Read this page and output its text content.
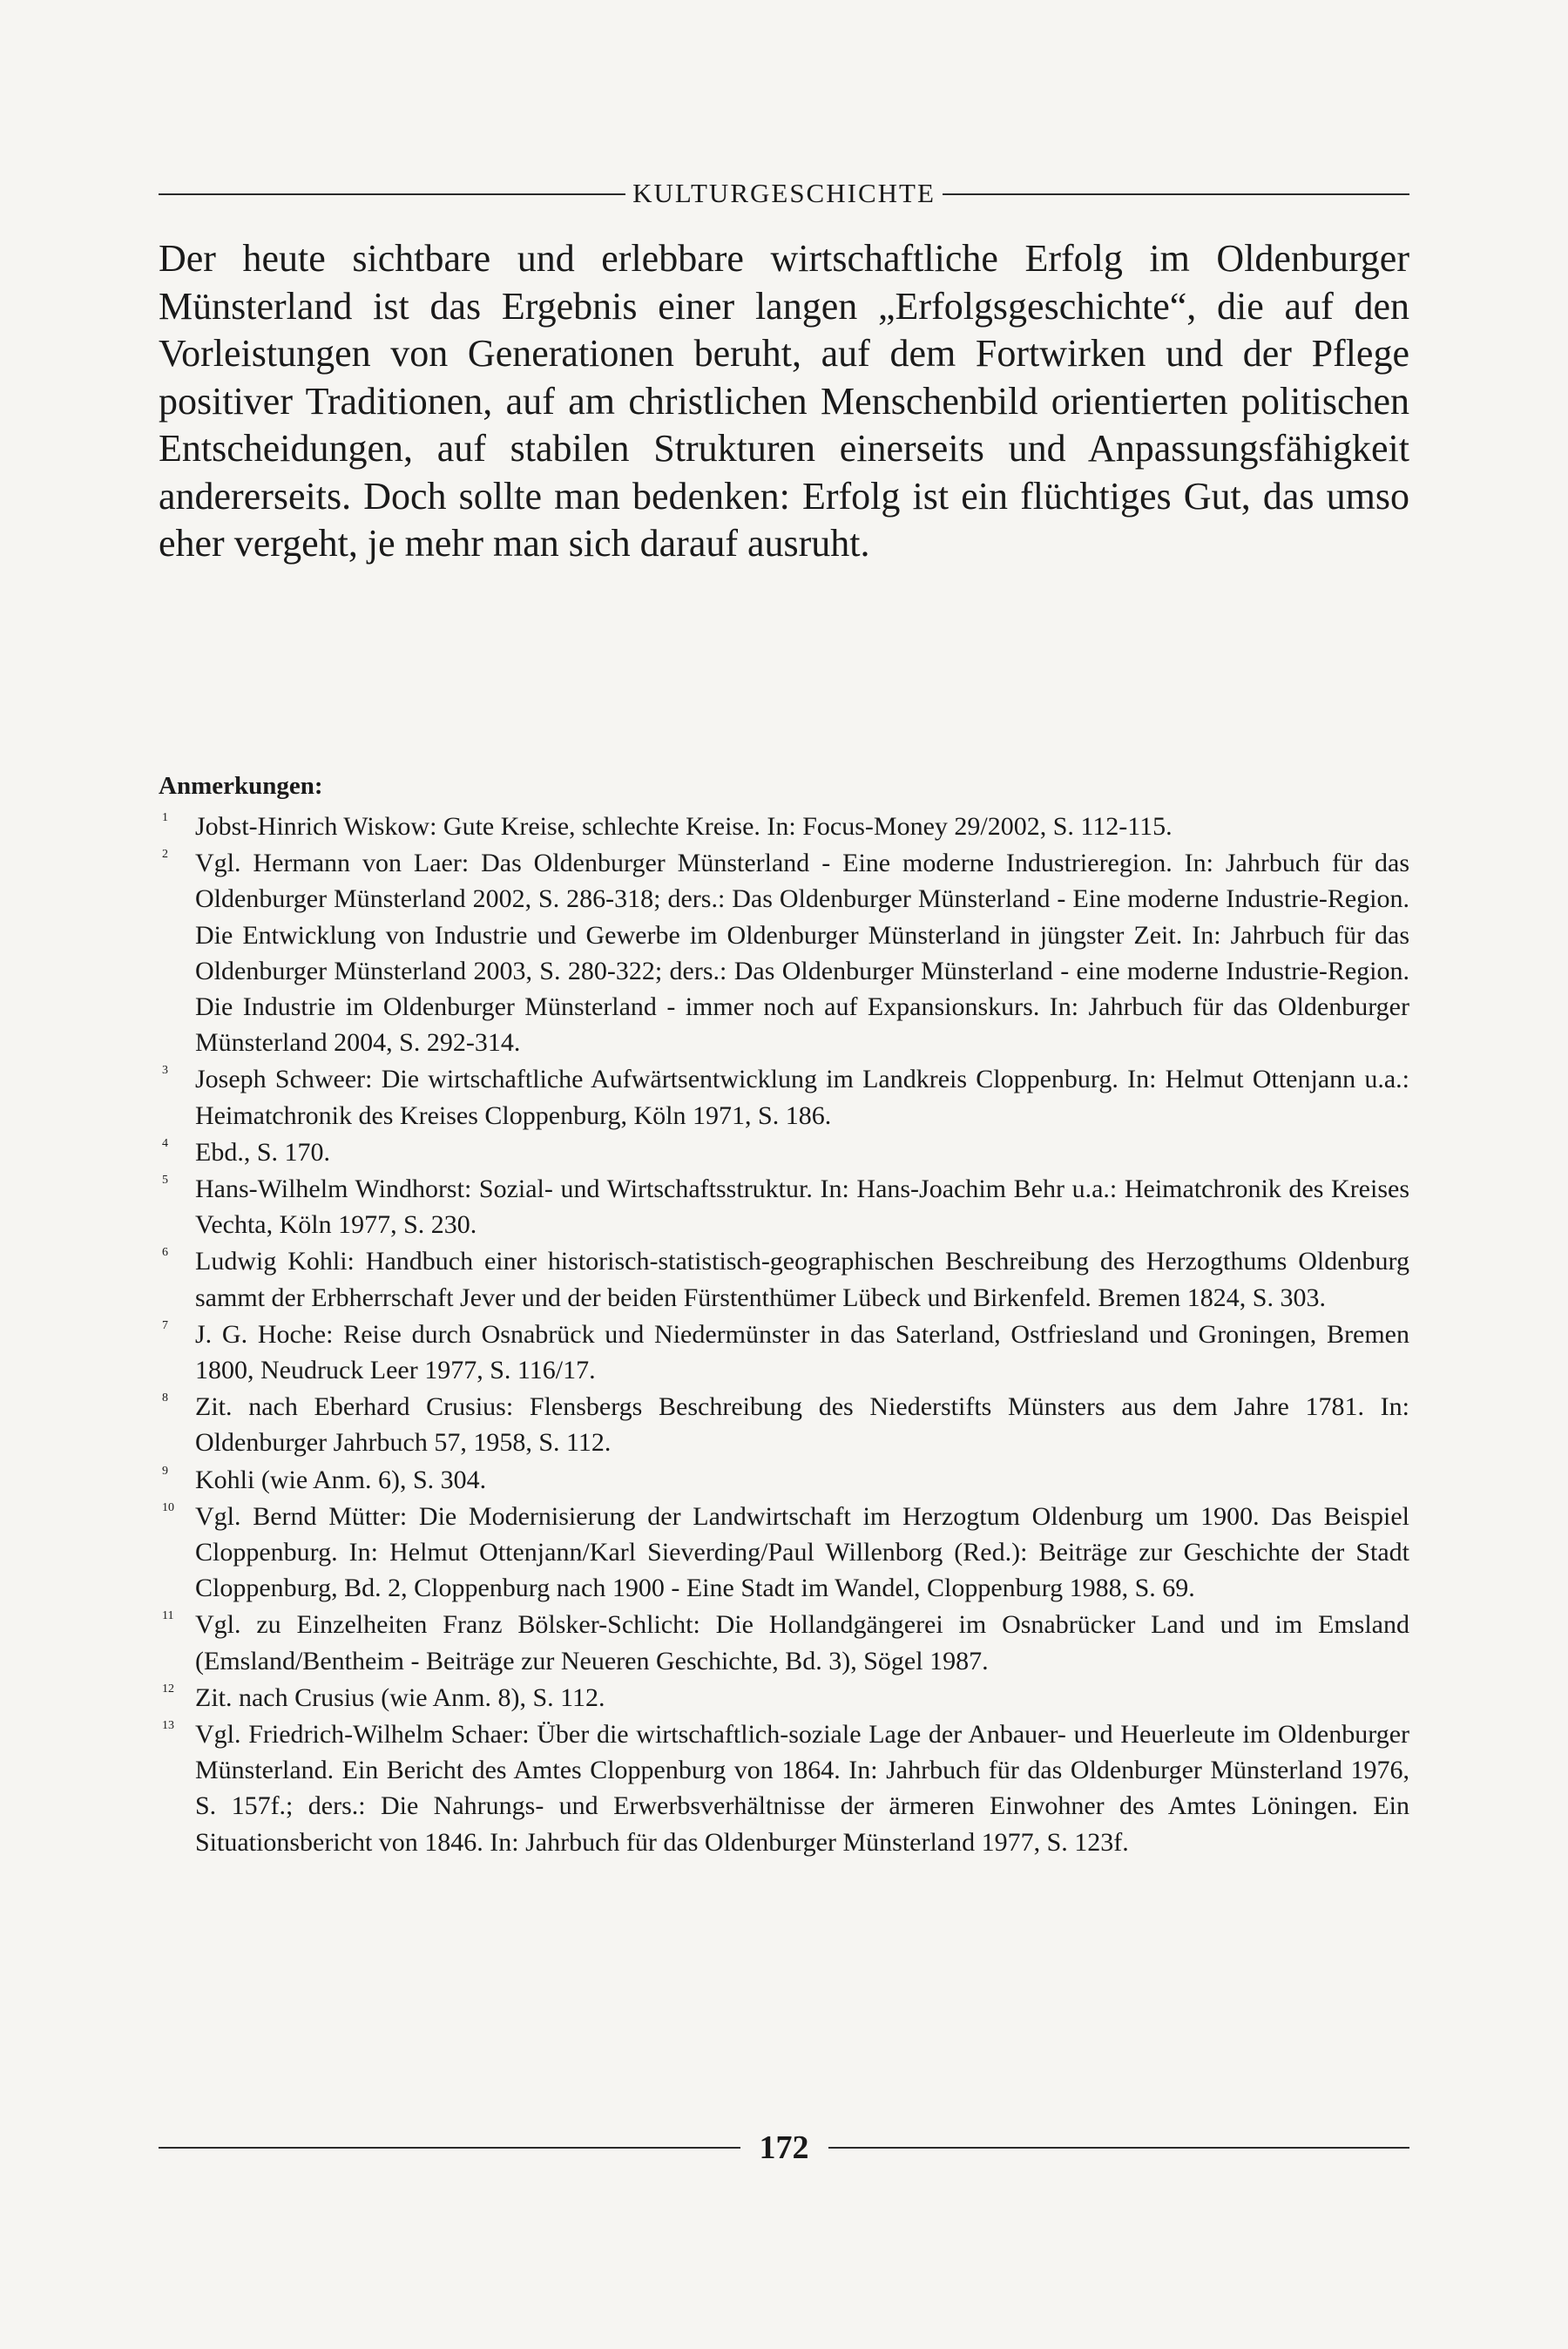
KULTURGESCHICHTE

Der heute sichtbare und erlebbare wirtschaftliche Erfolg im Oldenburger Münsterland ist das Ergebnis einer langen „Erfolgsgeschichte“, die auf den Vorleistungen von Generationen beruht, auf dem Fortwirken und der Pflege positiver Traditionen, auf am christlichen Menschenbild orientierten politischen Entscheidungen, auf stabilen Strukturen einerseits und Anpassungsfähigkeit andererseits. Doch sollte man bedenken: Erfolg ist ein flüchtiges Gut, das umso eher vergeht, je mehr man sich darauf ausruht.

Anmerkungen:
1 Jobst-Hinrich Wiskow: Gute Kreise, schlechte Kreise. In: Focus-Money 29/2002, S. 112-115.
2 Vgl. Hermann von Laer: Das Oldenburger Münsterland - Eine moderne Industrieregion. In: Jahrbuch für das Oldenburger Münsterland 2002, S. 286-318; ders.: Das Oldenburger Münsterland - Eine moderne Industrie-Region. Die Entwicklung von Industrie und Gewerbe im Oldenburger Münsterland in jüngster Zeit. In: Jahrbuch für das Oldenburger Münsterland 2003, S. 280-322; ders.: Das Oldenburger Münsterland - eine moderne Industrie-Region. Die Industrie im Oldenburger Münsterland - immer noch auf Expansionskurs. In: Jahrbuch für das Oldenburger Münsterland 2004, S. 292-314.
3 Joseph Schweer: Die wirtschaftliche Aufwärtsentwicklung im Landkreis Cloppenburg. In: Helmut Ottenjann u.a.: Heimatchronik des Kreises Cloppenburg, Köln 1971, S. 186.
4 Ebd., S. 170.
5 Hans-Wilhelm Windhorst: Sozial- und Wirtschaftsstruktur. In: Hans-Joachim Behr u.a.: Heimatchronik des Kreises Vechta, Köln 1977, S. 230.
6 Ludwig Kohli: Handbuch einer historisch-statistisch-geographischen Beschreibung des Herzogthums Oldenburg sammt der Erbherrschaft Jever und der beiden Fürstenthümer Lübeck und Birkenfeld. Bremen 1824, S. 303.
7 J. G. Hoche: Reise durch Osnabrück und Niedermünster in das Saterland, Ostfriesland und Groningen, Bremen 1800, Neudruck Leer 1977, S. 116/17.
8 Zit. nach Eberhard Crusius: Flensbergs Beschreibung des Niederstifts Münsters aus dem Jahre 1781. In: Oldenburger Jahrbuch 57, 1958, S. 112.
9 Kohli (wie Anm. 6), S. 304.
10 Vgl. Bernd Mütter: Die Modernisierung der Landwirtschaft im Herzogtum Oldenburg um 1900. Das Beispiel Cloppenburg. In: Helmut Ottenjann/Karl Sieverding/Paul Willenborg (Red.): Beiträge zur Geschichte der Stadt Cloppenburg, Bd. 2, Cloppenburg nach 1900 - Eine Stadt im Wandel, Cloppenburg 1988, S. 69.
11 Vgl. zu Einzelheiten Franz Bölsker-Schlicht: Die Hollandgängerei im Osnabrücker Land und im Emsland (Emsland/Bentheim - Beiträge zur Neueren Geschichte, Bd. 3), Sögel 1987.
12 Zit. nach Crusius (wie Anm. 8), S. 112.
13 Vgl. Friedrich-Wilhelm Schaer: Über die wirtschaftlich-soziale Lage der Anbauer- und Heuerleute im Oldenburger Münsterland. Ein Bericht des Amtes Cloppenburg von 1864. In: Jahrbuch für das Oldenburger Münsterland 1976, S. 157f.; ders.: Die Nahrungs- und Erwerbsverhältnisse der ärmeren Einwohner des Amtes Löningen. Ein Situationsbericht von 1846. In: Jahrbuch für das Oldenburger Münsterland 1977, S. 123f.
172
